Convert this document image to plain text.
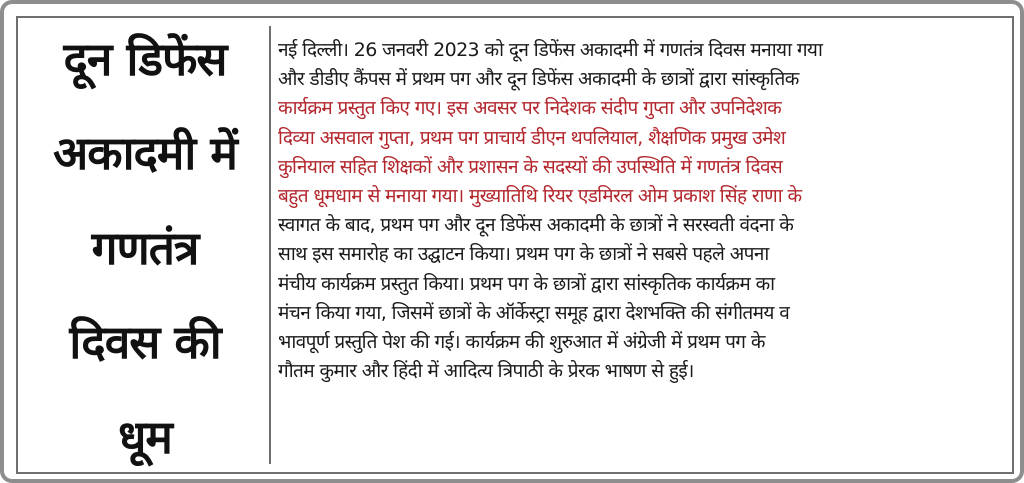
दून डिफेंस
अकादमी में
गणतंत्र
दिवस की
धूम
नई दिल्ली। 26 जनवरी 2023 को दून डिफेंस अकादमी में गणतंत्र दिवस मनाया गया
और डीडीए कैंपस में प्रथम पग और दून डिफेंस अकादमी के छात्रों द्वारा सांस्कृतिक
कार्यक्रम प्रस्तुत किए गए। इस अवसर पर निदेशक संदीप गुप्ता और उपनिदेशक
दिव्या असवाल गुप्ता, प्रथम पग प्राचार्य डीएन थपलियाल, शैक्षणिक प्रमुख उमेश
कुनियाल सहित शिक्षकों और प्रशासन के सदस्यों की उपस्थिति में गणतंत्र दिवस
बहुत धूमधाम से मनाया गया। मुख्यातिथि रियर एडमिरल ओम प्रकाश सिंह राणा के
स्वागत के बाद, प्रथम पग और दून डिफेंस अकादमी के छात्रों ने सरस्वती वंदना के
साथ इस समारोह का उद्घाटन किया। प्रथम पग के छात्रों ने सबसे पहले अपना
मंचीय कार्यक्रम प्रस्तुत किया। प्रथम पग के छात्रों द्वारा सांस्कृतिक कार्यक्रम का
मंचन किया गया, जिसमें छात्रों के ऑर्केस्ट्रा समूह द्वारा देशभक्ति की संगीतमय व
भावपूर्ण प्रस्तुति पेश की गई। कार्यक्रम की शुरुआत में अंग्रेजी में प्रथम पग के
गौतम कुमार और हिंदी में आदित्य त्रिपाठी के प्रेरक भाषण से हुई।
